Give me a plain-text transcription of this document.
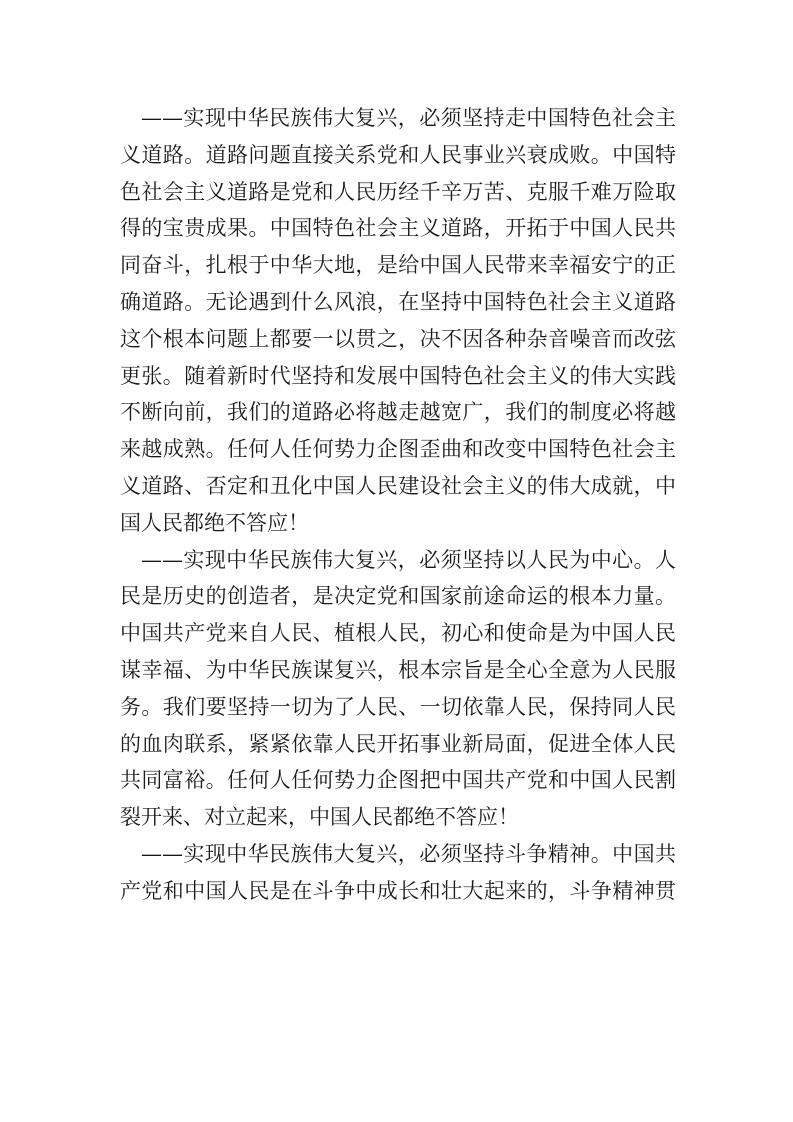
——实现中华民族伟大复兴，必须坚持走中国特色社会主
义道路。道路问题直接关系党和人民事业兴衰成败。中国特
色社会主义道路是党和人民历经千辛万苦、克服千难万险取
得的宝贵成果。中国特色社会主义道路，开拓于中国人民共
同奋斗，扎根于中华大地，是给中国人民带来幸福安宁的正
确道路。无论遇到什么风浪，在坚持中国特色社会主义道路
这个根本问题上都要一以贯之，决不因各种杂音噪音而改弦
更张。随着新时代坚持和发展中国特色社会主义的伟大实践
不断向前，我们的道路必将越走越宽广，我们的制度必将越
来越成熟。任何人任何势力企图歪曲和改变中国特色社会主
义道路、否定和丑化中国人民建设社会主义的伟大成就，中
国人民都绝不答应！
——实现中华民族伟大复兴，必须坚持以人民为中心。人
民是历史的创造者，是决定党和国家前途命运的根本力量。
中国共产党来自人民、植根人民，初心和使命是为中国人民
谋幸福、为中华民族谋复兴，根本宗旨是全心全意为人民服
务。我们要坚持一切为了人民、一切依靠人民，保持同人民
的血肉联系，紧紧依靠人民开拓事业新局面，促进全体人民
共同富裕。任何人任何势力企图把中国共产党和中国人民割
裂开来、对立起来，中国人民都绝不答应！
——实现中华民族伟大复兴，必须坚持斗争精神。中国共
产党和中国人民是在斗争中成长和壮大起来的，斗争精神贯
